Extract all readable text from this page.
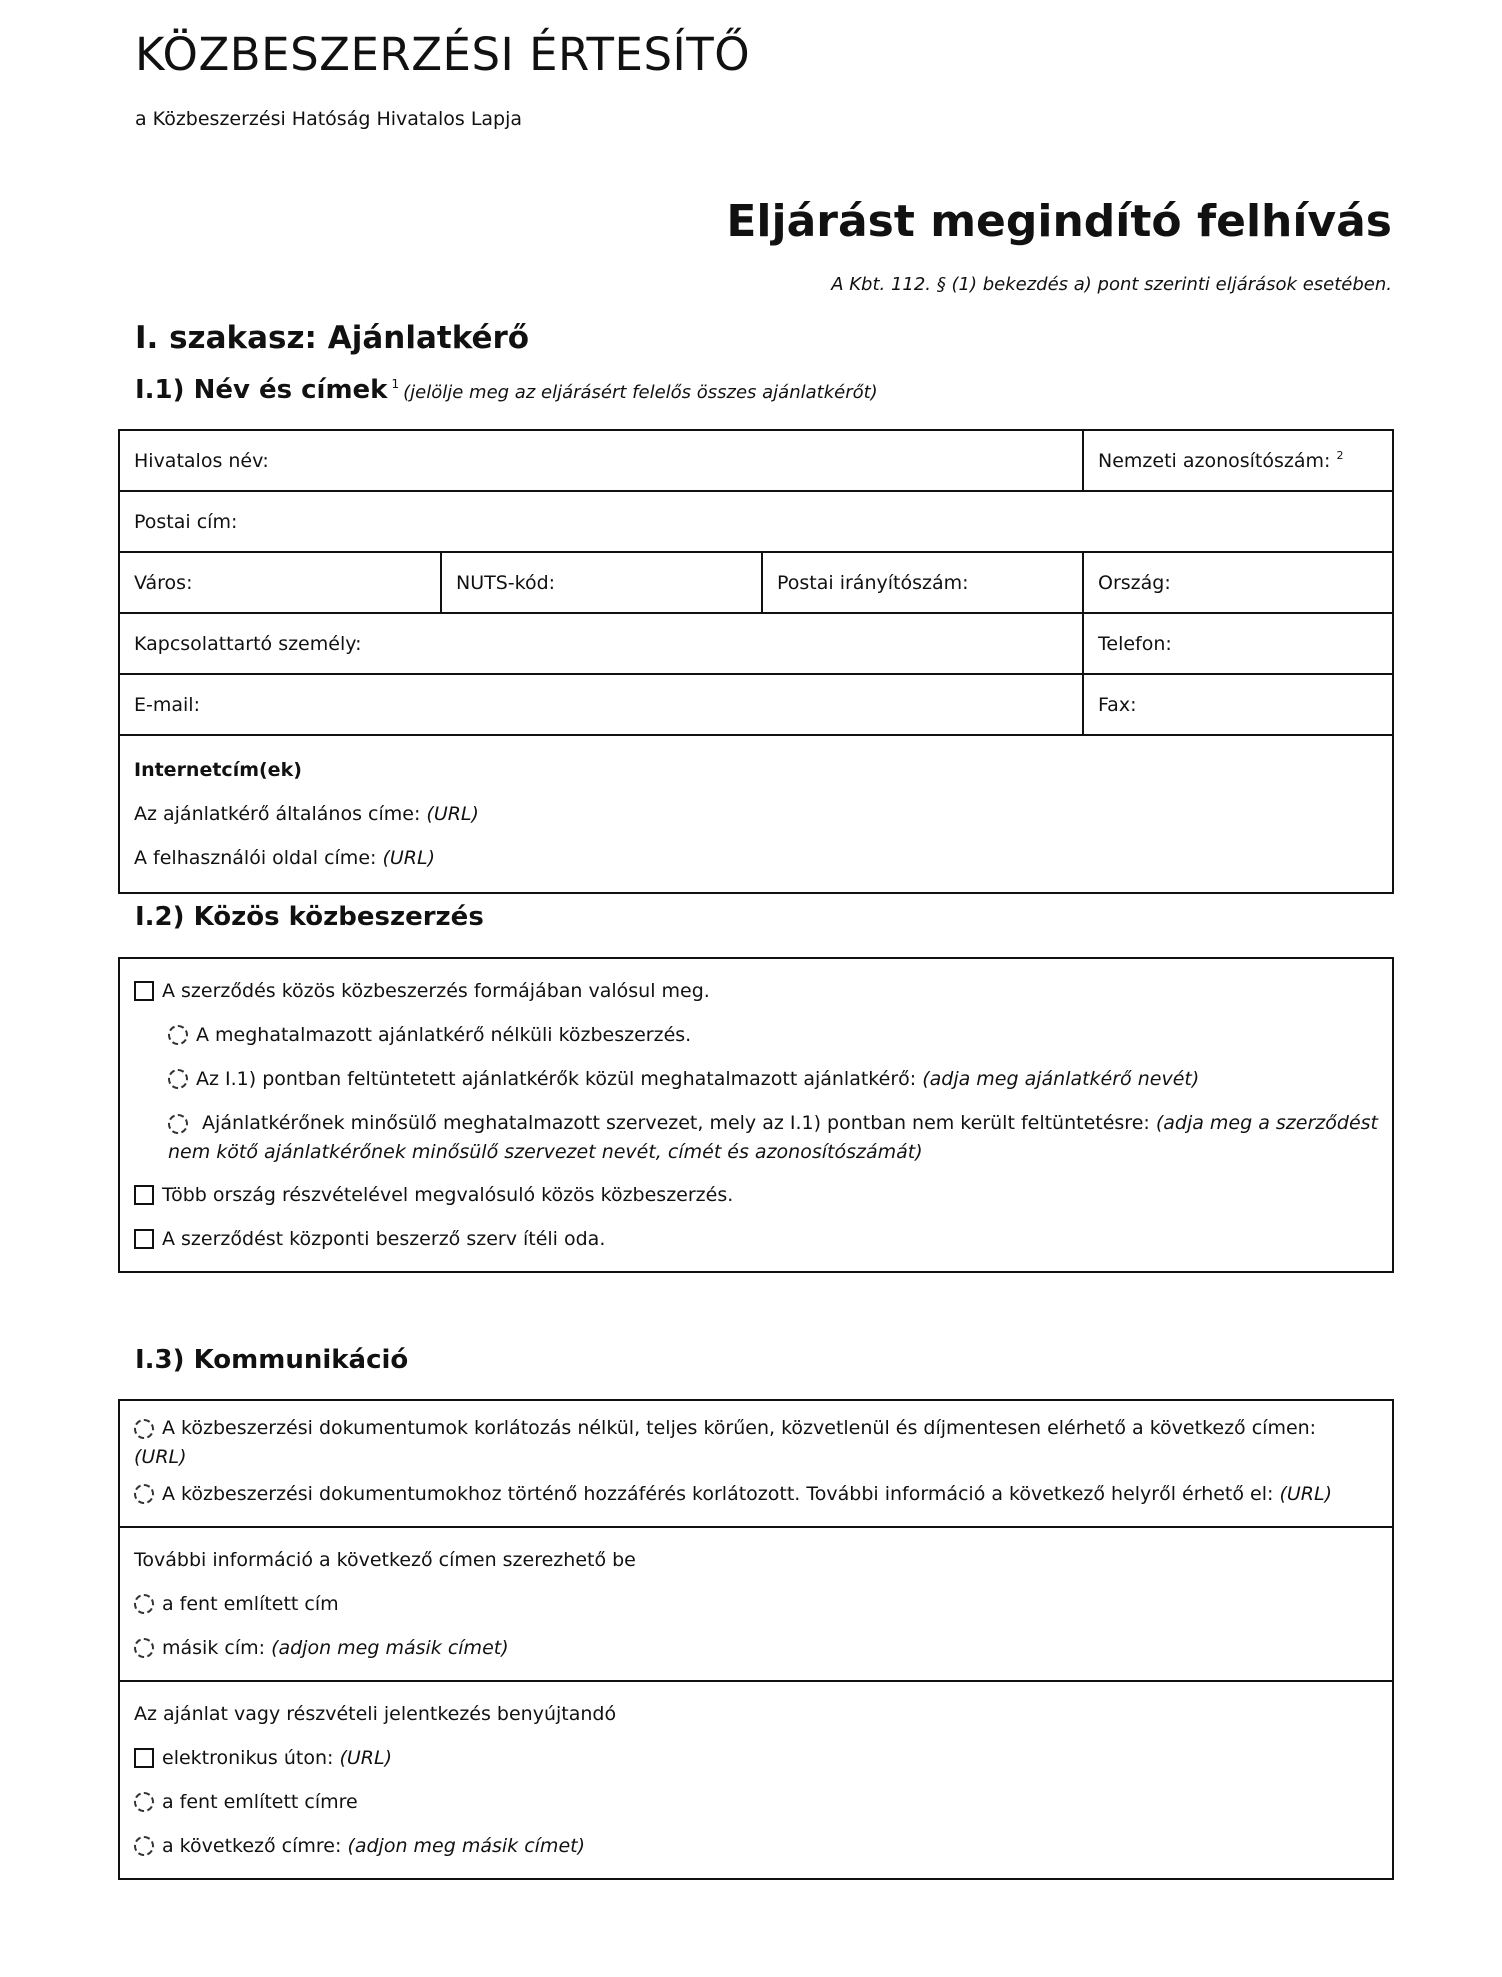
KÖZBESZERZÉSI ÉRTESÍTŐ
a Közbeszerzési Hatóság Hivatalos Lapja
Eljárást megindító felhívás
A Kbt. 112. § (1) bekezdés a) pont szerinti eljárások esetében.
I. szakasz: Ajánlatkérő
I.1) Név és címek $^1$ (jelölje meg az eljárásért felelős összes ajánlatkérőt)
Hivatalos név:	Nemzeti azonosítószám: 2
Postai cím:
Város:	NUTS-kód:	Postai irányítószám:	Ország:
Kapcsolattartó személy:	Telefon:
E-mail:	Fax:
Internetcím(ek)
Az ajánlatkérő általános címe: (URL)
A felhasználói oldal címe: (URL)
I.2) Közös közbeszerzés
A szerződés közös közbeszerzés formájában valósul meg.
A meghatalmazott ajánlatkérő nélküli közbeszerzés.
Az I.1) pontban feltüntetett ajánlatkérők közül meghatalmazott ajánlatkérő:
(adja meg ajánlatkérő nevét)
Ajánlatkérőnek minősülő meghatalmazott szervezet, mely az I.1) pontban nem került feltüntetésre: (adja meg a szerződést nem kötő ajánlatkérőnek minősülő szervezet nevét, címét és azonosítószámát)
Több ország részvételével megvalósuló közös közbeszerzés.
A szerződést központi beszerző szerv ítéli oda.
I.3) Kommunikáció
A közbeszerzési dokumentumok korlátozás nélkül, teljes körűen, közvetlenül és díjmentesen elérhető a következő címen:
(URL)
A közbeszerzési dokumentumokhoz történő hozzáférés korlátozott. További információ a következő helyről érhető el:
(URL)
További információ a következő címen szerezhető be
a fent említett cím
másik cím:
(adjon meg másik címet)
Az ajánlat vagy részvételi jelentkezés benyújtandó
elektronikus úton:
(URL)
a fent említett címre
a következő címre:
(adjon meg másik címet)
